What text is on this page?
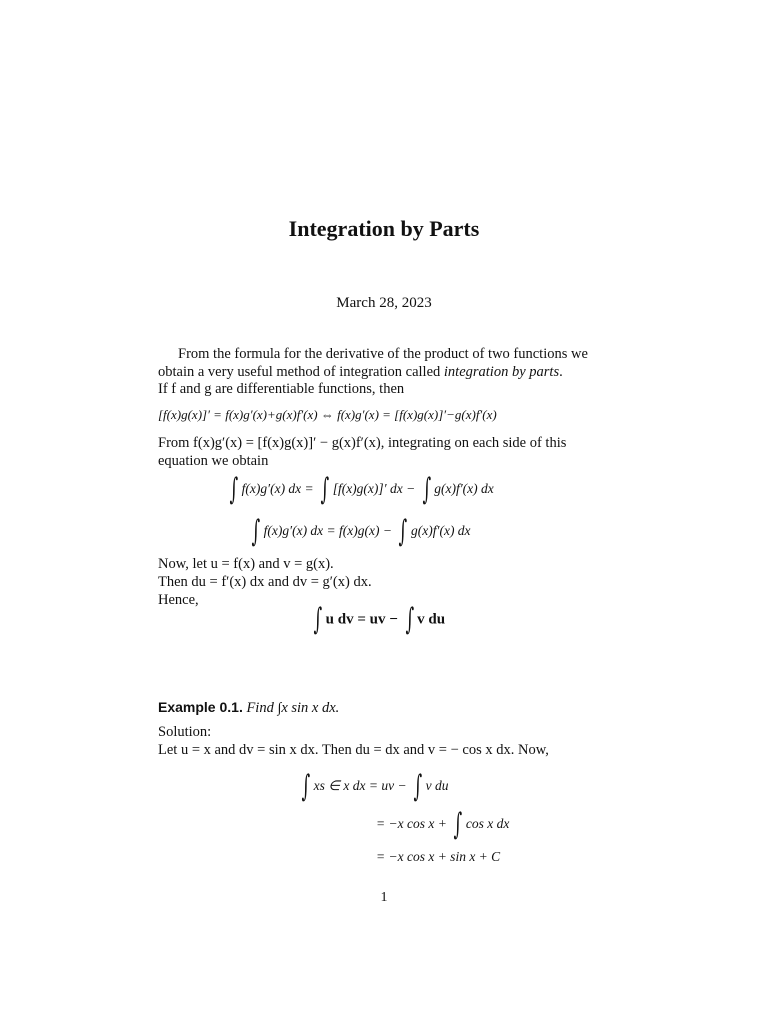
Integration by Parts
March 28, 2023
From the formula for the derivative of the product of two functions we
obtain a very useful method of integration called integration by parts.
If f and g are differentiable functions, then
[f(x)g(x)]′ = f(x)g′(x)+g(x)f′(x) ⇔ f(x)g′(x) = [f(x)g(x)]′−g(x)f′(x)
From f(x)g′(x) = [f(x)g(x)]′ − g(x)f′(x), integrating on each side of this
equation we obtain
∫ f(x)g′(x) dx = ∫ [f(x)g(x)]′ dx − ∫ g(x)f′(x) dx
∫ f(x)g′(x) dx = f(x)g(x) − ∫ g(x)f′(x) dx
Now, let u = f(x) and v = g(x).
Then du = f′(x) dx and dv = g′(x) dx.
Hence,
∫ u dv = uv − ∫ v du
Example 0.1. Find ∫x sin x dx.
Solution:
Let u = x and dv = sin x dx. Then du = dx and v = − cos x dx. Now,
∫ xs ∈ x dx = uv − ∫ v du
= −x cos x + ∫ cos x dx
= −x cos x + sin x + C
1
